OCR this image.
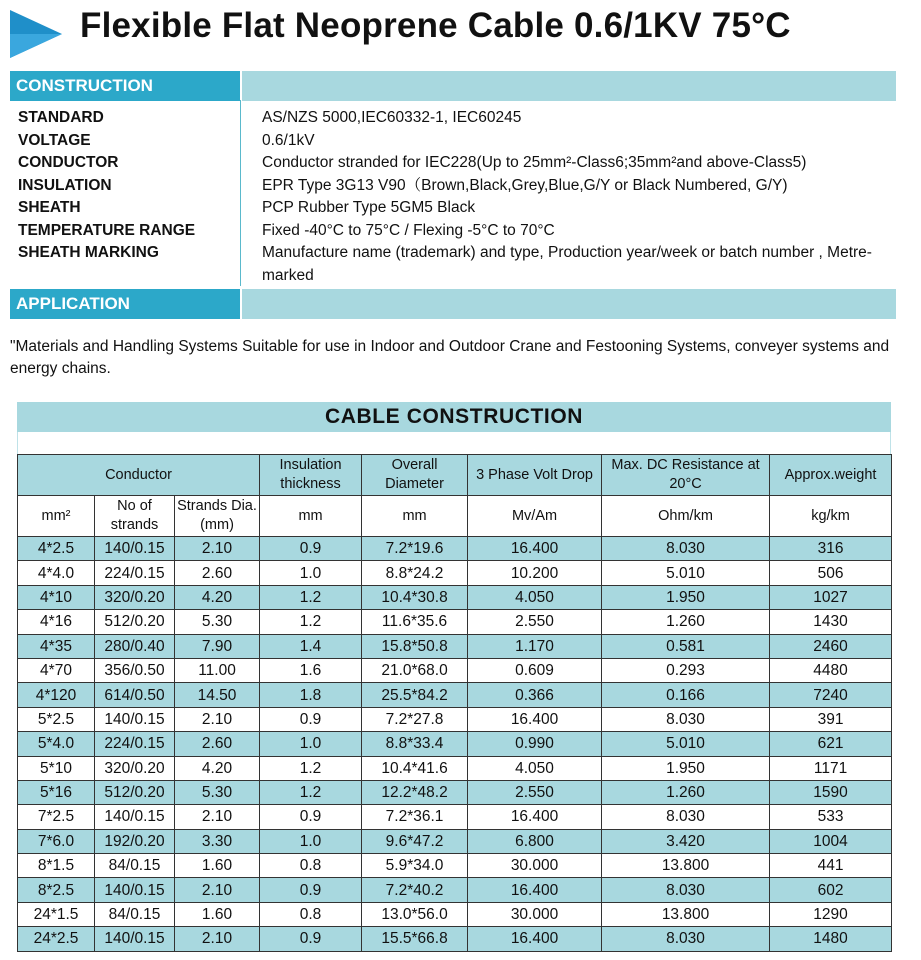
Flexible Flat Neoprene Cable 0.6/1KV 75°C
CONSTRUCTION
STANDARD	AS/NZS 5000,IEC60332-1, IEC60245
VOLTAGE	0.6/1kV
CONDUCTOR	Conductor stranded for IEC228(Up to 25mm²-Class6;35mm²and above-Class5)
INSULATION	EPR Type 3G13 V90（Brown,Black,Grey,Blue,G/Y or Black Numbered, G/Y)
SHEATH	PCP Rubber Type 5GM5 Black
TEMPERATURE RANGE	Fixed -40°C to 75°C / Flexing -5°C to 70°C
SHEATH MARKING	Manufacture name (trademark) and type, Production year/week or batch number , Metre-marked
APPLICATION
"Materials and Handling Systems Suitable for use in Indoor and Outdoor Crane and Festooning Systems, conveyer systems and energy chains.
CABLE CONSTRUCTION
Conductor			Insulation thickness	Overall Diameter	3 Phase Volt Drop	Max. DC Resistance at 20°C	Approx.weight
mm²	No of strands	Strands Dia.(mm)	mm	mm	Mv/Am	Ohm/km	kg/km
4*2.5	140/0.15	2.10	0.9	7.2*19.6	16.400	8.030	316
4*4.0	224/0.15	2.60	1.0	8.8*24.2	10.200	5.010	506
4*10	320/0.20	4.20	1.2	10.4*30.8	4.050	1.950	1027
4*16	512/0.20	5.30	1.2	11.6*35.6	2.550	1.260	1430
4*35	280/0.40	7.90	1.4	15.8*50.8	1.170	0.581	2460
4*70	356/0.50	11.00	1.6	21.0*68.0	0.609	0.293	4480
4*120	614/0.50	14.50	1.8	25.5*84.2	0.366	0.166	7240
5*2.5	140/0.15	2.10	0.9	7.2*27.8	16.400	8.030	391
5*4.0	224/0.15	2.60	1.0	8.8*33.4	0.990	5.010	621
5*10	320/0.20	4.20	1.2	10.4*41.6	4.050	1.950	1171
5*16	512/0.20	5.30	1.2	12.2*48.2	2.550	1.260	1590
7*2.5	140/0.15	2.10	0.9	7.2*36.1	16.400	8.030	533
7*6.0	192/0.20	3.30	1.0	9.6*47.2	6.800	3.420	1004
8*1.5	84/0.15	1.60	0.8	5.9*34.0	30.000	13.800	441
8*2.5	140/0.15	2.10	0.9	7.2*40.2	16.400	8.030	602
24*1.5	84/0.15	1.60	0.8	13.0*56.0	30.000	13.800	1290
24*2.5	140/0.15	2.10	0.9	15.5*66.8	16.400	8.030	1480
